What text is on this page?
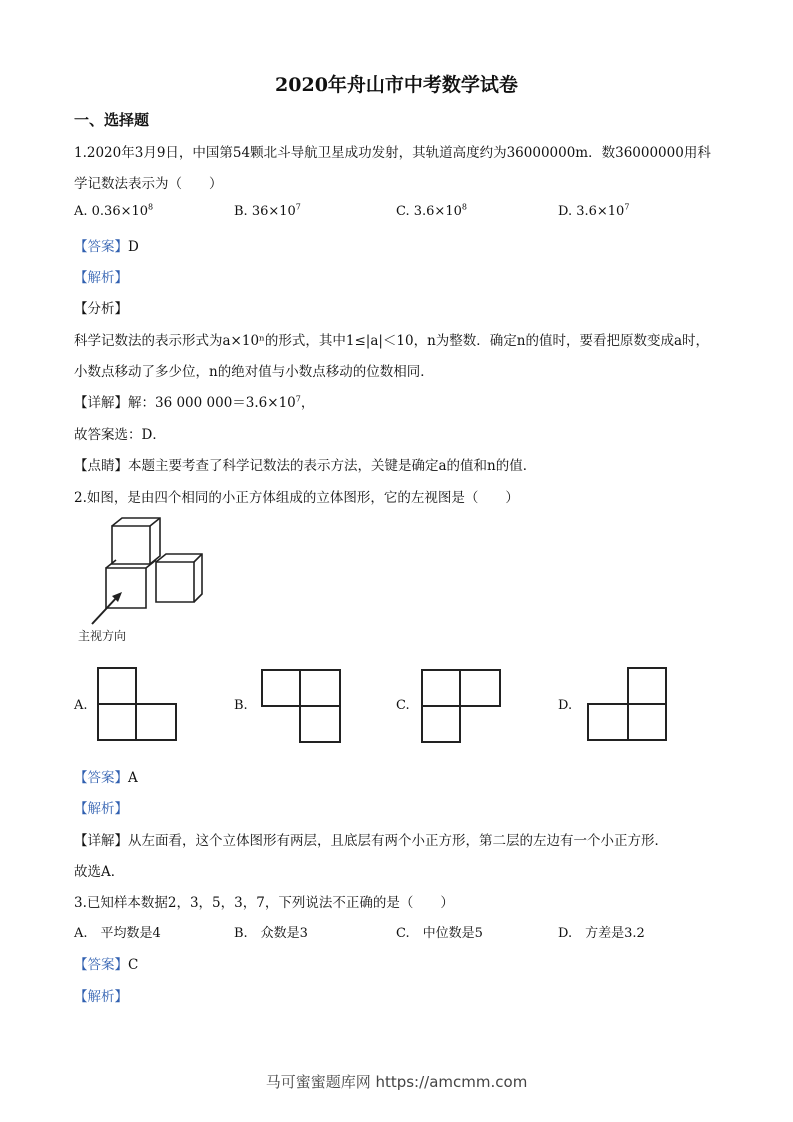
2020年舟山市中考数学试卷
一、选择题
1.2020年3月9日，中国第54颗北斗导航卫星成功发射，其轨道高度约为36000000m．数36000000用科
学记数法表示为（　　）
A. $0.36\times 10^8$	B. $36\times 10^7$	C. $3.6\times 10^8$	D. $3.6\times 10^7$
【答案】D
【解析】
【分析】
科学记数法的表示形式为a×10ⁿ的形式，其中1≤|a|＜10，n为整数．确定n的值时，要看把原数变成a时，
小数点移动了多少位，n的绝对值与小数点移动的位数相同．
【详解】解：36 000 $000=3.6\times 10^7$，
故答案选：D．
【点睛】本题主要考查了科学记数法的表示方法，关键是确定a的值和n的值．
2.如图，是由四个相同的小正方体组成的立体图形，它的左视图是（　　）
主视方向
A.	B.	C.	D.
【答案】A
【解析】
【详解】从左面看，这个立体图形有两层，且底层有两个小正方形，第二层的左边有一个小正方形．
故选A．
3.已知样本数据2，3，5，3，7，下列说法不正确的是（　　）
A.　平均数是4	B.　众数是3	C.　中位数是5	D.　方差是3.2
【答案】C
【解析】
马可蜜蜜题库网 https://amcmm.com
